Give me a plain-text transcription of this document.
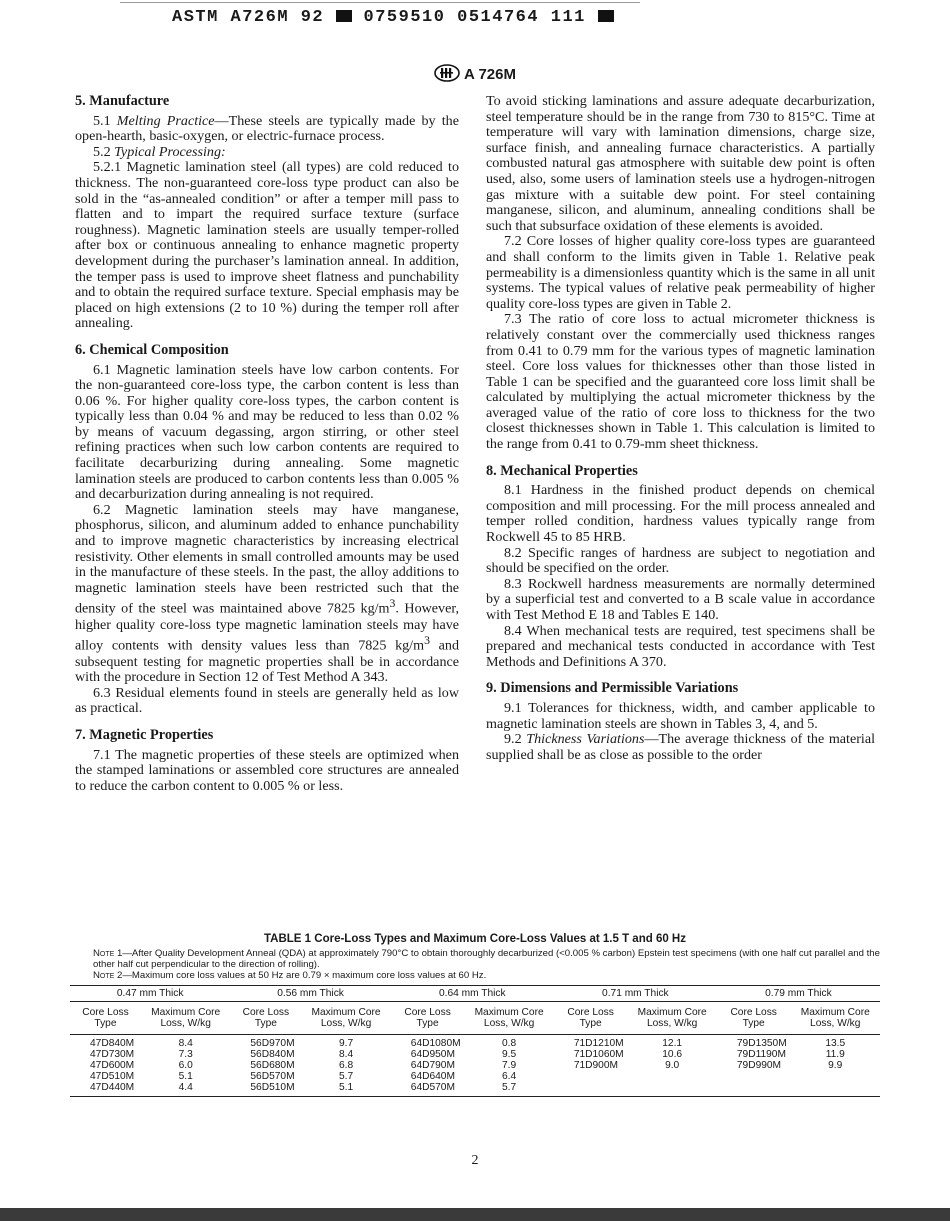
ASTM A726M 92 0759510 0514764 111
A 726M
5. Manufacture

5.1 Melting Practice—These steels are typically made by the open-hearth, basic-oxygen, or electric-furnace process.

5.2 Typical Processing:

5.2.1 Magnetic lamination steel (all types) are cold reduced to thickness. The non-guaranteed core-loss type product can also be sold in the “as-annealed condition” or after a temper mill pass to flatten and to impart the required surface texture (surface roughness). Magnetic lamination steels are usually temper-rolled after box or continuous annealing to enhance magnetic property development during the purchaser’s lamination anneal. In addition, the temper pass is used to improve sheet flatness and punchability and to obtain the required surface texture. Special emphasis may be placed on high extensions (2 to 10 %) during the temper roll after annealing.

6. Chemical Composition

6.1 Magnetic lamination steels have low carbon contents. For the non-guaranteed core-loss type, the carbon content is less than 0.06 %. For higher quality core-loss types, the carbon content is typically less than 0.04 % and may be reduced to less than 0.02 % by means of vacuum degassing, argon stirring, or other steel refining practices when such low carbon contents are required to facilitate decarburizing during annealing. Some magnetic lamination steels are produced to carbon contents less than 0.005 % and decarburization during annealing is not required.

6.2 Magnetic lamination steels may have manganese, phosphorus, silicon, and aluminum added to enhance punchability and to improve magnetic characteristics by increasing electrical resistivity. Other elements in small controlled amounts may be used in the manufacture of these steels. In the past, the alloy additions to magnetic lamination steels have been restricted such that the density of the steel was maintained above 7825 $kg/m^3$. However, higher quality core-loss type magnetic lamination steels may have alloy contents with density values less than 7825 $kg/m^3$ and subsequent testing for magnetic properties shall be in accordance with the procedure in Section 12 of Test Method A 343.

6.3 Residual elements found in steels are generally held as low as practical.

7. Magnetic Properties

7.1 The magnetic properties of these steels are optimized when the stamped laminations or assembled core structures are annealed to reduce the carbon content to 0.005 % or less.

To avoid sticking laminations and assure adequate decarburization, steel temperature should be in the range from 730 to 815°C. Time at temperature will vary with lamination dimensions, charge size, surface finish, and annealing furnace characteristics. A partially combusted natural gas atmosphere with suitable dew point is often used, also, some users of lamination steels use a hydrogen-nitrogen gas mixture with a suitable dew point. For steel containing manganese, silicon, and aluminum, annealing conditions shall be such that subsurface oxidation of these elements is avoided.

7.2 Core losses of higher quality core-loss types are guaranteed and shall conform to the limits given in Table 1. Relative peak permeability is a dimensionless quantity which is the same in all unit systems. The typical values of relative peak permeability of higher quality core-loss types are given in Table 2.

7.3 The ratio of core loss to actual micrometer thickness is relatively constant over the commercially used thickness ranges from 0.41 to 0.79 mm for the various types of magnetic lamination steel. Core loss values for thicknesses other than those listed in Table 1 can be specified and the guaranteed core loss limit shall be calculated by multiplying the actual micrometer thickness by the averaged value of the ratio of core loss to thickness for the two closest thicknesses shown in Table 1. This calculation is limited to the range from 0.41 to 0.79-mm sheet thickness.

8. Mechanical Properties

8.1 Hardness in the finished product depends on chemical composition and mill processing. For the mill process annealed and temper rolled condition, hardness values typically range from Rockwell 45 to 85 HRB.

8.2 Specific ranges of hardness are subject to negotiation and should be specified on the order.

8.3 Rockwell hardness measurements are normally determined by a superficial test and converted to a B scale value in accordance with Test Method E 18 and Tables E 140.

8.4 When mechanical tests are required, test specimens shall be prepared and mechanical tests conducted in accordance with Test Methods and Definitions A 370.

9. Dimensions and Permissible Variations

9.1 Tolerances for thickness, width, and camber applicable to magnetic lamination steels are shown in Tables 3, 4, and 5.

9.2 Thickness Variations—The average thickness of the material supplied shall be as close as possible to the order

TABLE 1 Core-Loss Types and Maximum Core-Loss Values at 1.5 T and 60 Hz

Note 1—After Quality Development Anneal (QDA) at approximately 790°C to obtain thoroughly decarburized (<0.005 % carbon) Epstein test specimens (with one half cut parallel and the other half cut perpendicular to the direction of rolling).

Note 2—Maximum core loss values at 50 Hz are 0.79 × maximum core loss values at 60 Hz.

0.47 mm Thick		0.56 mm Thick		0.64 mm Thick		0.71 mm Thick		0.79 mm Thick	
Core Loss Type	Maximum Core Loss, W/kg	Core Loss Type	Maximum Core Loss, W/kg	Core Loss Type	Maximum Core Loss, W/kg	Core Loss Type	Maximum Core Loss, W/kg	Core Loss Type	Maximum Core Loss, W/kg
47D840M	8.4	56D970M	9.7	64D1080M	0.8	71D1210M	12.1	79D1350M	13.5
47D730M	7.3	56D840M	8.4	64D950M	9.5	71D1060M	10.6	79D1190M	11.9
47D600M	6.0	56D680M	6.8	64D790M	7.9	71D900M	9.0	79D990M	9.9
47D510M	5.1	56D570M	5.7	64D640M	6.4				
47D440M	4.4	56D510M	5.1	64D570M	5.7				
2
